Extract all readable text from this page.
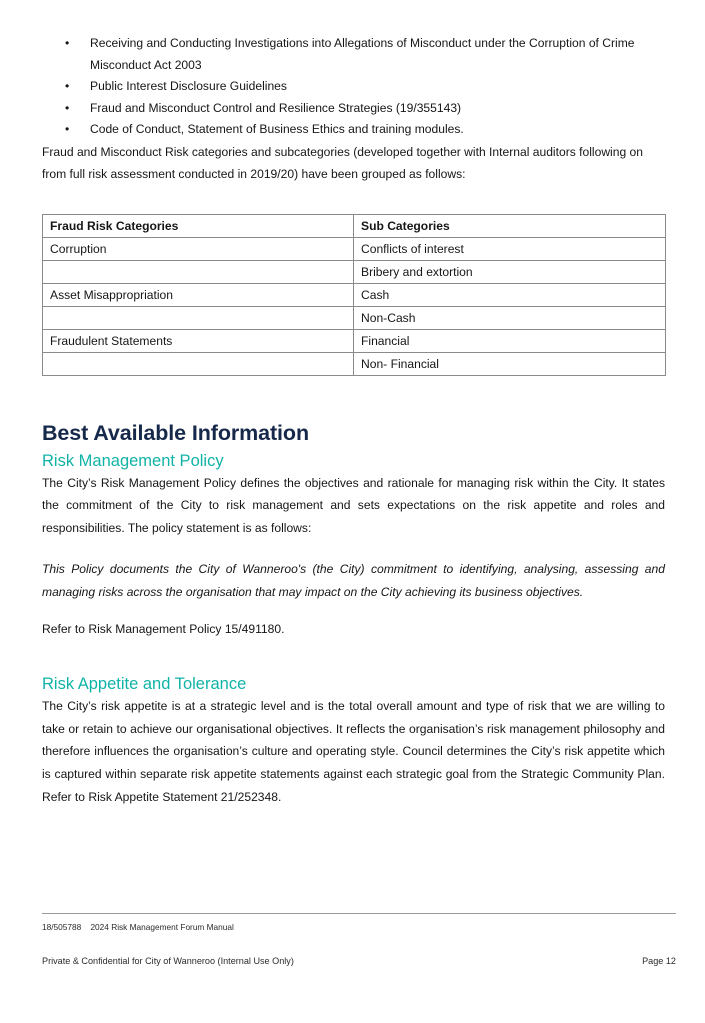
• Receiving and Conducting Investigations into Allegations of Misconduct under the Corruption of Crime Misconduct Act 2003
• Public Interest Disclosure Guidelines
• Fraud and Misconduct Control and Resilience Strategies (19/355143)
• Code of Conduct, Statement of Business Ethics and training modules.

Fraud and Misconduct Risk categories and subcategories (developed together with Internal auditors following on from full risk assessment conducted in 2019/20) have been grouped as follows:

Fraud Risk Categories	Sub Categories
Corruption	Conflicts of interest
	Bribery and extortion
Asset Misappropriation	Cash
	Non-Cash
Fraudulent Statements	Financial
	Non- Financial
Best Available Information
Risk Management Policy

The City’s Risk Management Policy defines the objectives and rationale for managing risk within the City. It states the commitment of the City to risk management and sets expectations on the risk appetite and roles and responsibilities. The policy statement is as follows:

This Policy documents the City of Wanneroo's (the City) commitment to identifying, analysing, assessing and managing risks across the organisation that may impact on the City achieving its business objectives.

Refer to Risk Management Policy 15/491180.

Risk Appetite and Tolerance

The City’s risk appetite is at a strategic level and is the total overall amount and type of risk that we are willing to take or retain to achieve our organisational objectives. It reflects the organisation’s risk management philosophy and therefore influences the organisation’s culture and operating style. Council determines the City’s risk appetite which is captured within separate risk appetite statements against each strategic goal from the Strategic Community Plan. Refer to Risk Appetite Statement 21/252348.

18/505788    2024 Risk Management Forum Manual
Private & Confidential for City of Wanneroo (Internal Use Only)	Page 12
